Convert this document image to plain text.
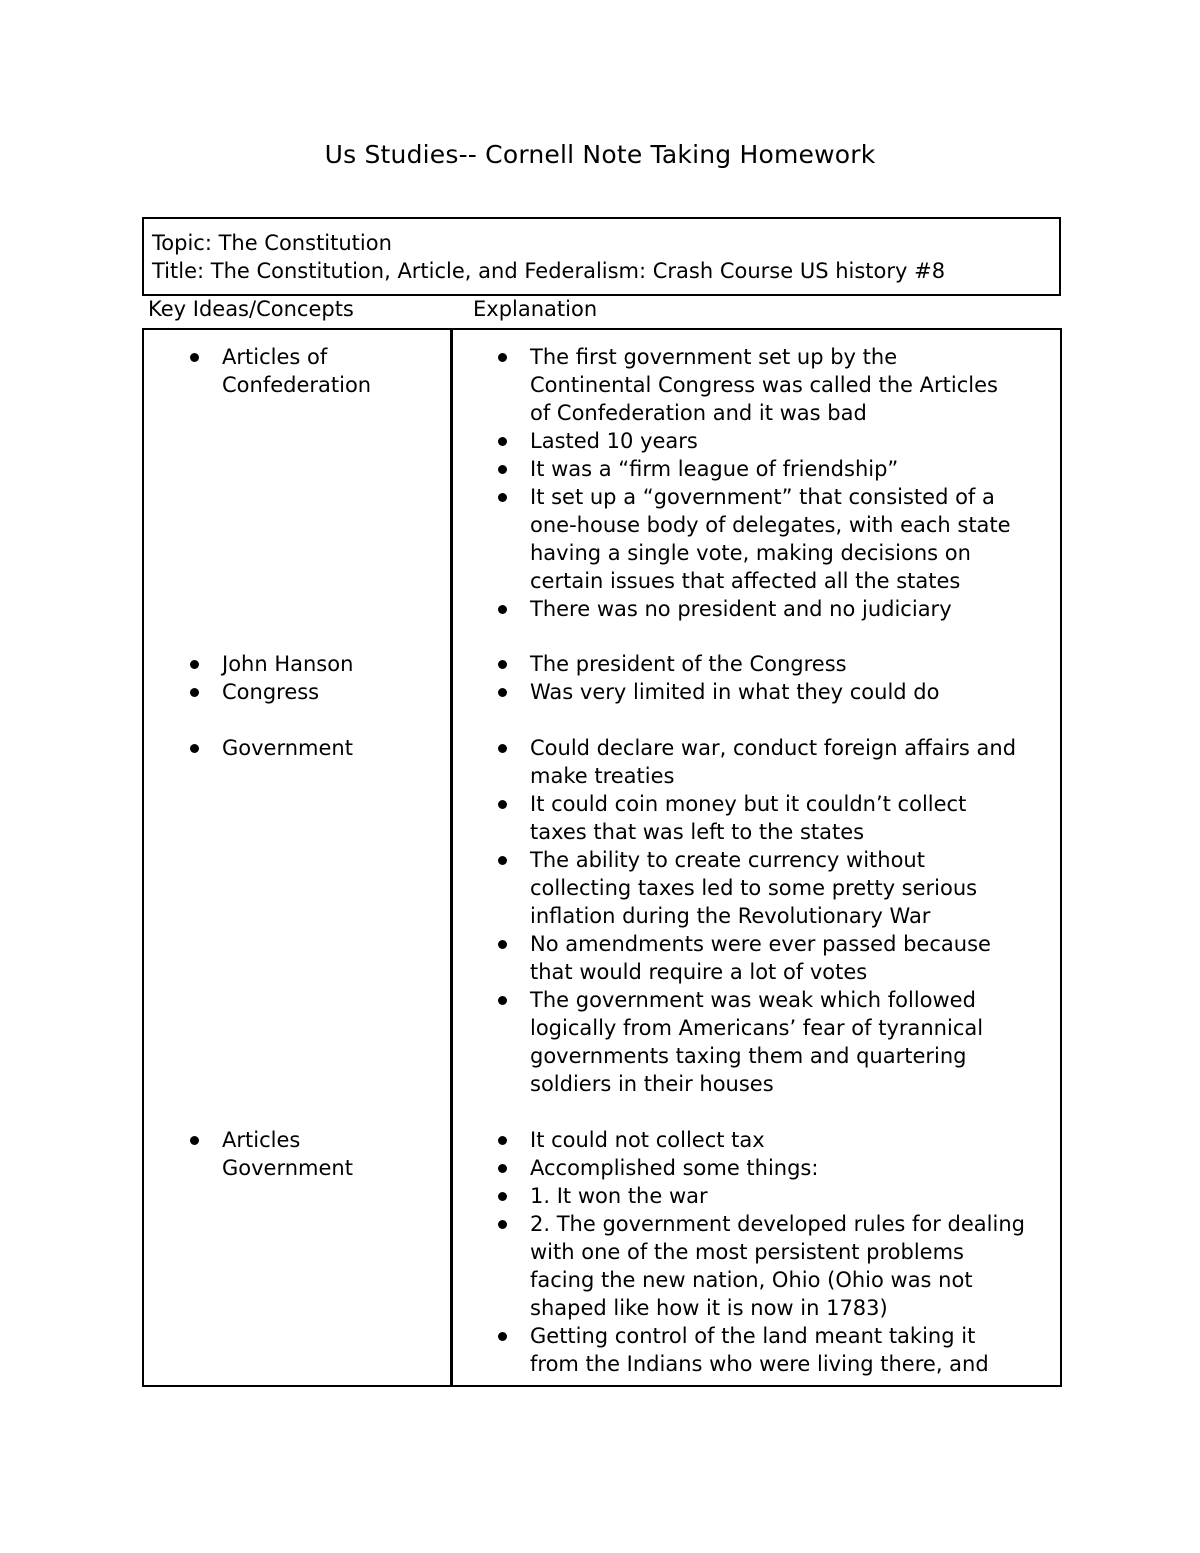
Us Studies-- Cornell Note Taking Homework
Topic: The Constitution
Title: The Constitution, Article, and Federalism: Crash Course US history #8
Key Ideas/Concepts	Explanation
Articles of
Confederation
The first government set up by the
Continental Congress was called the Articles
of Confederation and it was bad
Lasted 10 years
It was a “firm league of friendship”
It set up a “government” that consisted of a
one-house body of delegates, with each state
having a single vote, making decisions on
certain issues that affected all the states
There was no president and no judiciary
John Hanson
Congress
The president of the Congress
Was very limited in what they could do
Government	Could declare war, conduct foreign affairs and
make treaties
It could coin money but it couldn’t collect
taxes that was left to the states
The ability to create currency without
collecting taxes led to some pretty serious
inflation during the Revolutionary War
No amendments were ever passed because
that would require a lot of votes
The government was weak which followed
logically from Americans’ fear of tyrannical
governments taxing them and quartering
soldiers in their houses
Articles
Government
It could not collect tax
Accomplished some things:
1. It won the war
2. The government developed rules for dealing
with one of the most persistent problems
facing the new nation, Ohio (Ohio was not
shaped like how it is now in 1783)
Getting control of the land meant taking it
from the Indians who were living there, and
